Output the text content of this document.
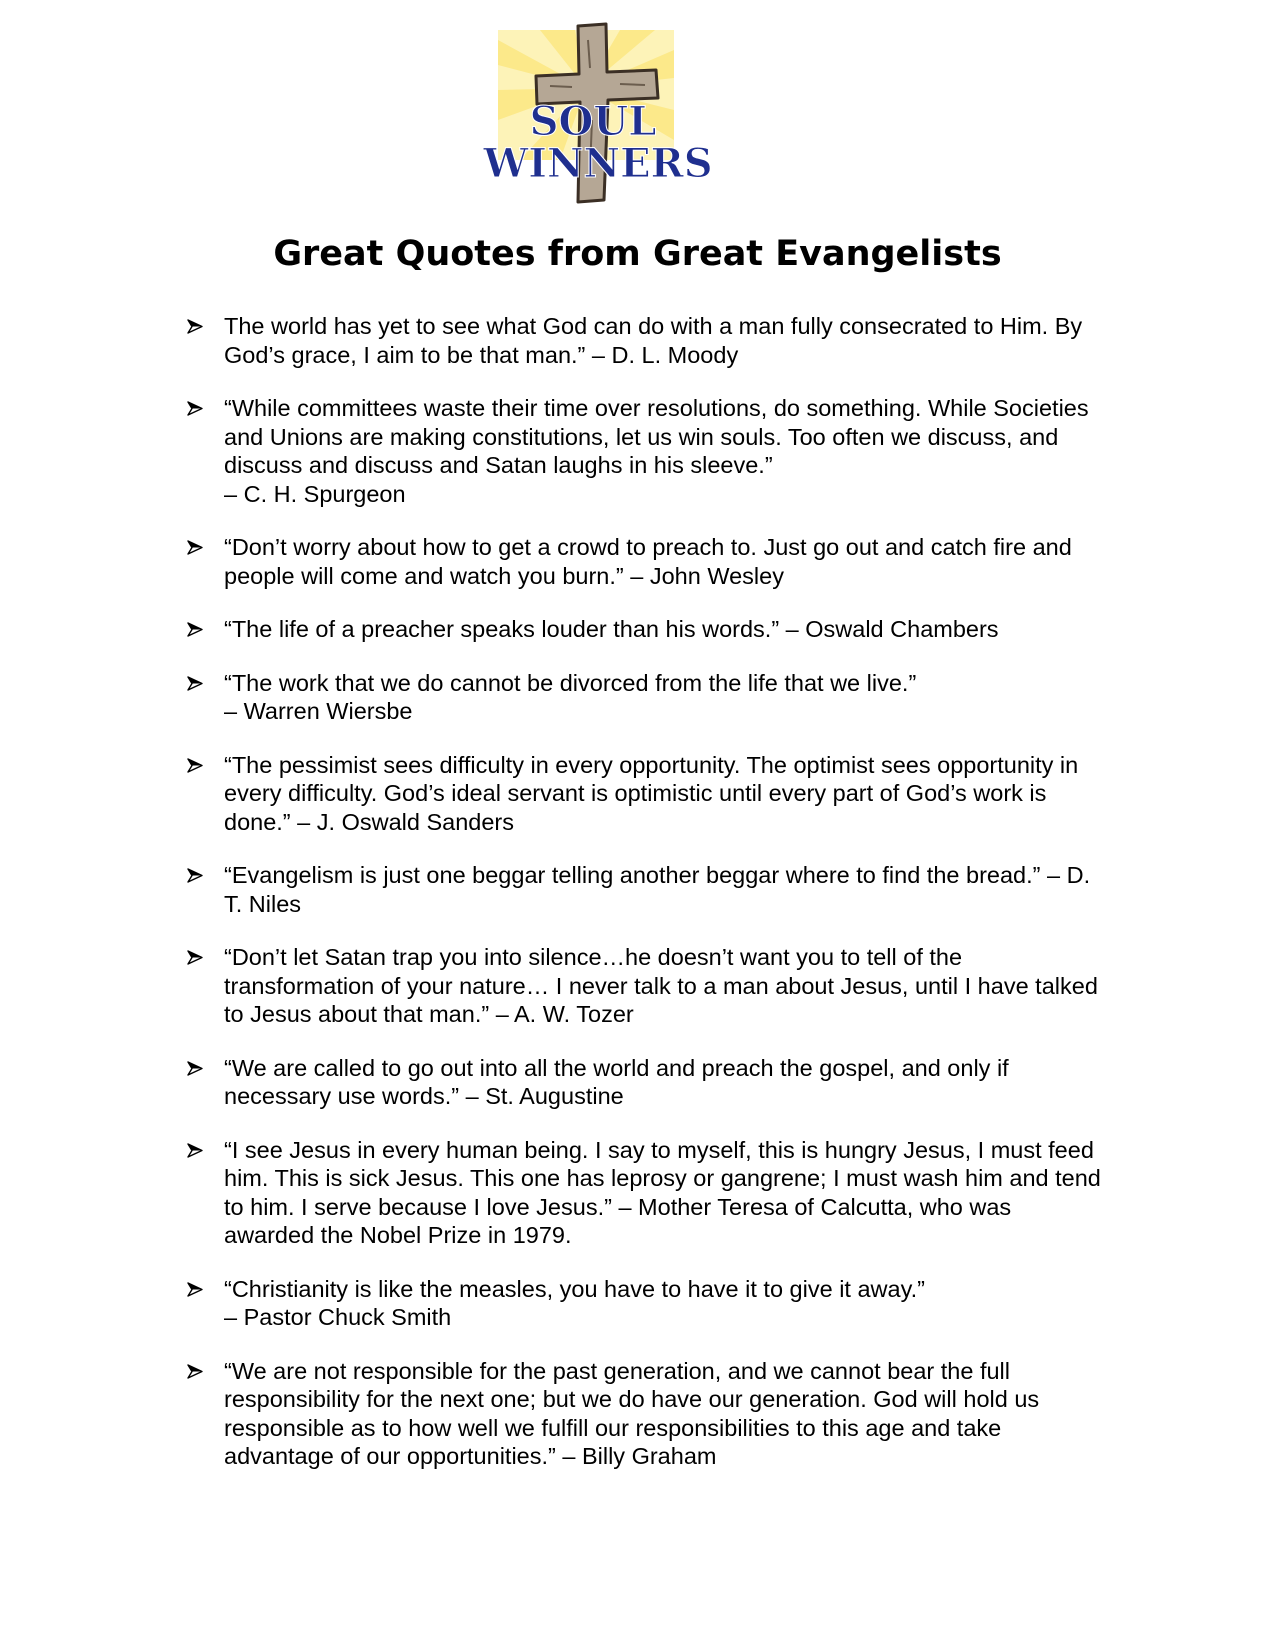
SOUL
WINNERS
Great Quotes from Great Evangelists
The world has yet to see what God can do with a man fully consecrated to Him. By God’s grace, I aim to be that man.” – D. L. Moody
“While committees waste their time over resolutions, do something. While Societies and Unions are making constitutions, let us win souls. Too often we discuss, and discuss and discuss and Satan laughs in his sleeve.”
– C. H. Spurgeon
“Don’t worry about how to get a crowd to preach to. Just go out and catch fire and people will come and watch you burn.” – John Wesley
“The life of a preacher speaks louder than his words.” – Oswald Chambers
“The work that we do cannot be divorced from the life that we live.”
– Warren Wiersbe
“The pessimist sees difficulty in every opportunity. The optimist sees opportunity in every difficulty. God’s ideal servant is optimistic until every part of God’s work is done.” – J. Oswald Sanders
“Evangelism is just one beggar telling another beggar where to find the bread.” – D. T. Niles
“Don’t let Satan trap you into silence…he doesn’t want you to tell of the transformation of your nature… I never talk to a man about Jesus, until I have talked to Jesus about that man.” – A. W. Tozer
“We are called to go out into all the world and preach the gospel, and only if necessary use words.” – St. Augustine
“I see Jesus in every human being. I say to myself, this is hungry Jesus, I must feed him. This is sick Jesus. This one has leprosy or gangrene; I must wash him and tend to him. I serve because I love Jesus.” – Mother Teresa of Calcutta, who was awarded the Nobel Prize in 1979.
“Christianity is like the measles, you have to have it to give it away.”
– Pastor Chuck Smith
“We are not responsible for the past generation, and we cannot bear the full responsibility for the next one; but we do have our generation. God will hold us responsible as to how well we fulfill our responsibilities to this age and take advantage of our opportunities.” – Billy Graham
